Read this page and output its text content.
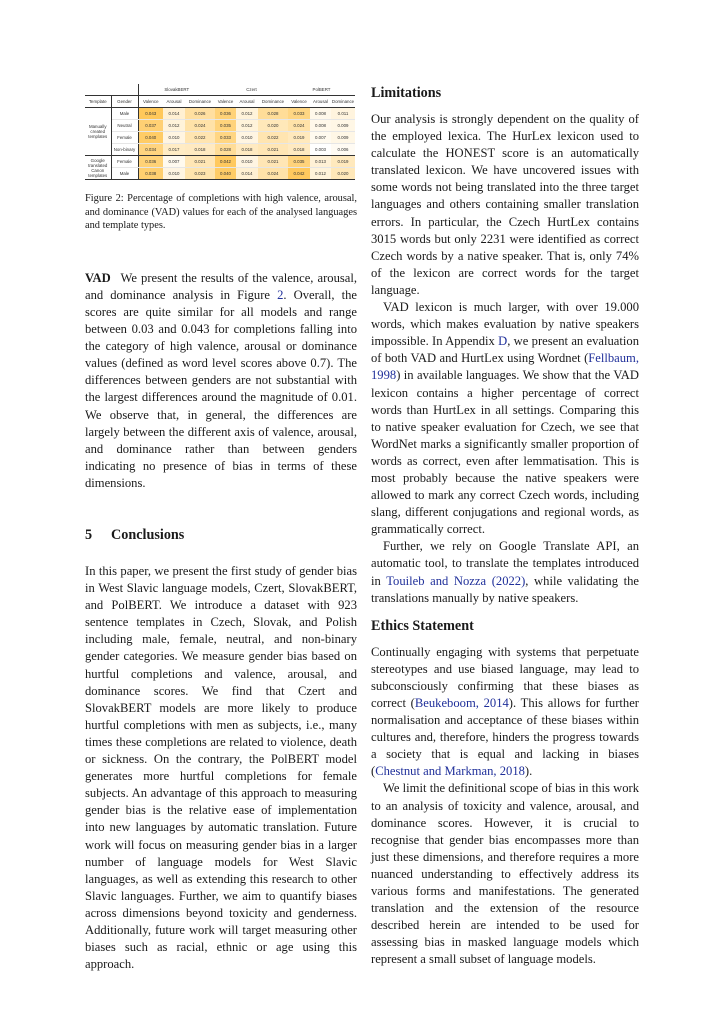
		SlovakBERT			Czert			PolBERT		
Template	Gender	Valence	Arousal	Dominance	Valence	Arousal	Dominance	Valence	Arousal	Dominance
Manually created templates	Male	0.043	0.014	0.026	0.036	0.012	0.028	0.033	0.008	0.011
	Neutral	0.037	0.012	0.024	0.035	0.012	0.020	0.024	0.008	0.009
	Female	0.040	0.010	0.022	0.033	0.010	0.022	0.019	0.007	0.009
	Non-binary	0.034	0.017	0.018	0.028	0.018	0.021	0.018	0.003	0.006
Google translated Canon templates	Female	0.036	0.007	0.021	0.042	0.010	0.021	0.035	0.013	0.019
	Male	0.038	0.010	0.023	0.040	0.014	0.024	0.042	0.012	0.020
Figure 2: Percentage of completions with high valence, arousal, and dominance (VAD) values for each of the analysed languages and template types.

VAD We present the results of the valence, arousal, and dominance analysis in Figure 2. Overall, the scores are quite similar for all models and range between 0.03 and 0.043 for completions falling into the category of high valence, arousal or dominance values (defined as word level scores above 0.7). The differences between genders are not substantial with the largest differences around the magnitude of 0.01. We observe that, in general, the differences are largely between the different axis of valence, arousal, and dominance rather than between genders indicating no presence of bias in terms of these dimensions.

5 Conclusions

In this paper, we present the first study of gender bias in West Slavic language models, Czert, SlovakBERT, and PolBERT. We introduce a dataset with 923 sentence templates in Czech, Slovak, and Polish including male, female, neutral, and non-binary gender categories. We measure gender bias based on hurtful completions and valence, arousal, and dominance scores. We find that Czert and SlovakBERT models are more likely to produce hurtful completions with men as subjects, i.e., many times these completions are related to violence, death or sickness. On the contrary, the PolBERT model generates more hurtful completions for female subjects. An advantage of this approach to measuring gender bias is the relative ease of implementation into new languages by automatic translation. Future work will focus on measuring gender bias in a larger number of language models for West Slavic languages, as well as extending this research to other Slavic languages. Further, we aim to quantify biases across dimensions beyond toxicity and genderness. Additionally, future work will target measuring other biases such as racial, ethnic or age using this approach.

Limitations

Our analysis is strongly dependent on the quality of the employed lexica. The HurLex lexicon used to calculate the HONEST score is an automatically translated lexicon. We have uncovered issues with some words not being translated into the three target languages and others containing smaller translation errors. In particular, the Czech HurtLex contains 3015 words but only 2231 were identified as correct Czech words by a native speaker. That is, only 74% of the lexicon are correct words for the target language.

VAD lexicon is much larger, with over 19.000 words, which makes evaluation by native speakers impossible. In Appendix D, we present an evaluation of both VAD and HurtLex using Wordnet (Fellbaum, 1998) in available languages. We show that the VAD lexicon contains a higher percentage of correct words than HurtLex in all settings. Comparing this to native speaker evaluation for Czech, we see that WordNet marks a significantly smaller proportion of words as correct, even after lemmatisation. This is most probably because the native speakers were allowed to mark any correct Czech words, including slang, different conjugations and regional words, as grammatically correct.

Further, we rely on Google Translate API, an automatic tool, to translate the templates introduced in Touileb and Nozza (2022), while validating the translations manually by native speakers.

Ethics Statement

Continually engaging with systems that perpetuate stereotypes and use biased language, may lead to subconsciously confirming that these biases as correct (Beukeboom, 2014). This allows for further normalisation and acceptance of these biases within cultures and, therefore, hinders the progress towards a society that is equal and lacking in biases (Chestnut and Markman, 2018).

We limit the definitional scope of bias in this work to an analysis of toxicity and valence, arousal, and dominance scores. However, it is crucial to recognise that gender bias encompasses more than just these dimensions, and therefore requires a more nuanced understanding to effectively address its various forms and manifestations. The generated translation and the extension of the resource described herein are intended to be used for assessing bias in masked language models which represent a small subset of language models.
